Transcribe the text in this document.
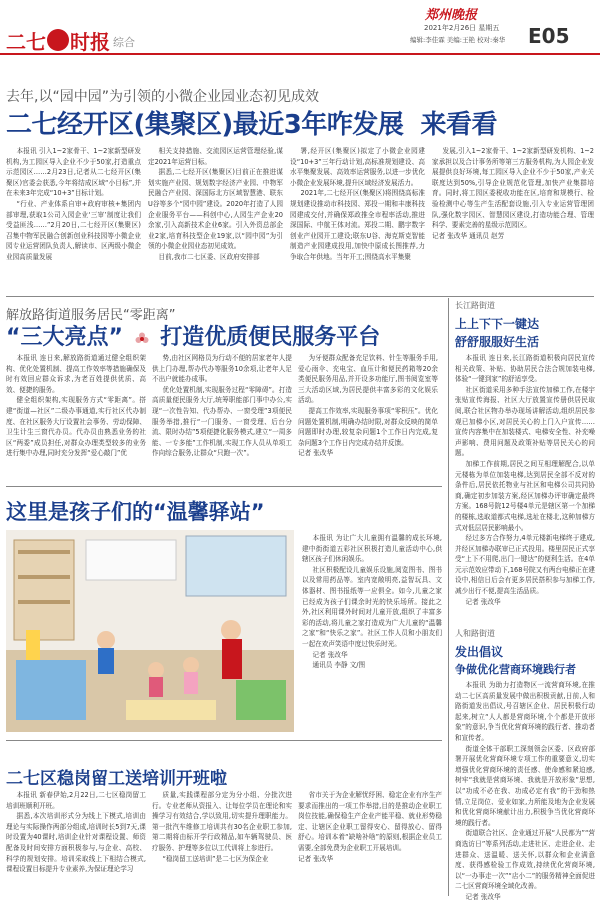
二七 时报 综合
郑州晚报
2021年2月26日 星期五
编辑:李佳霖 美编:王艳 校对:秦华 E05
去年,以“园中园”为引领的小微企业园业态初见成效
二七经开区(集聚区)最近3年咋发展  来看看

本报讯 引入1~2家骨干、1~2家新型研发机构,为工园区导入企业不少于50家,打造重点示范园区……2月23日,记者从二七经开区(集聚区)官委会获悉,今年将结成区域“小目标”,并在未来3年完成“10+3”目标计划。

“行业、产业体系自审+政府审核+集团内部审理,获取1公司入园企业‘三审’制度让我们受益匪浅……”2月20日,二七经开区(集聚区)召集中物军民融合创新创业科技园等小微企业园专业运营团队负责人,解读市、区两级小微企业园高质量发展

相关支持措施、交流园区运营管理经验,谋定2021年运营目标。

据悉,二七经开区(集聚区)目前正在推进谋划实施产业园、规划数字经济产业园、中物军民融合产业园、深国际北方区域智慧港、联东U谷等多个“园中园”建设。2020年打造了人园企业服务平台——科创中心,人园生产企业20余家,引入高新技术企业6家。引入外资总部企业2家,培育科技型企业19家,以“园中园”为引领的小微企业园业态初见成效。

目前,我市二七区委、区政府安排部

署,经开区(集聚区)拟定了小微企业园建设“10+3”三年行动计划,高标准规划建设、高水平集聚发展、高效率运营服务,以进一步优化小微企业发展环境,提升区域经济发展活力。

2021年,二七经开区(集聚区)将围绕高标准规划建设推动市科技园、郑投一期和丰康科技园建成交付,并确保郑政推全市程率活动,推进深国际、中航王体对流。郑投二期、鹏宇数字创业产业园开工建设;联东U谷、海克斯克智能制造产业园建成投用,加快中原成长图推荐,力争取合年供地。当年开工;围绕高水平集聚

发展,引入1~2家骨干、1~2家新型研发机构、1~2家承担以及合计事务所等第三方服务机构,为人园企业发展提供良好环境,每工园区导入企业不少于50家,产业关联度达到50%,引导企业规范化管理,加快产业集群培育。同时,将工园区委税收功能在区,培育和规模行、检验检测中心等生产生活配套设施,引入专业运营管理团队,强化数字园区、智慧园区建设,打造功能合理、管理科学、要素完善的星级示范园区。

记者 张改华 通讯员 赵芳

解放路街道服务居民“零距离”
“三大亮点” 打造优质便民服务平台

本报讯 连日来,解放路街道通过健全组织架构、优化处置机制、提高工作效率等措施确保及时有效回应群众诉求,为老百姓提供优质、高效、便捷的服务。

健全组织架构,实现服务方式“零距离”。搭建“街道—社区”二级办事通道,实行社区代办制度、在社区服务大厅设置社会事务、劳动保障、卫生计生三窗代办员。代办员由熟悉业务的社区“两委”成员担任,对群众办理类型较多的业务进行集中办理,同时充分发挥“爱心敲门”优

势,由社区网格员为行动不便的居家老年人提供上门办理,帮办代办等服务10余项,让老年人足不出户就能办成事。

优化处置机制,实现服务过程“零障碍”。打造高质量便民服务大厅,统筹职能部门事中办公,实现“一次性告知、代办帮办、一窗受理”3项便民服务举措,推行“一门服务、一窗受理、后台分流、限时办结”5项便捷化服务模式,建立“一周多能、一专多能”工作机制,实现工作人员从单项工作向综合服务,让群众“只跑一次”。

为牙便群众配备充足饮料、针生等服务手用,爱心雨伞、充电宝、血压计和便民药箱等20余类便民服务用品,并开设多功能厅,图书阅览室等三大活动区域,为居民提供丰富多彩的文化娱乐活动。

提高工作效率,实现服务事项“零积压”。优化问题处置机制,明确办结时限,对群众反映的简单问题即时办理,较复杂问题1个工作日内完成,复杂问题3个工作日内完成办结并反馈。

记者 张改华

长江路街道
上上下下一键达
舒舒服服好生活

本报讯 连日来,长江路街道积极向居民宣传相关政策、补贴、协助居民合法合规加装电梯,体验“一键到家”的舒适享受。

社区街道采用多种手法宣传加梯工作,在楼宇张贴宣传海报、社区大厅放置宣传册供居民取阅,联合社区物办举办现场讲解活动,组织居民参观已加梯小区,对居民关心的上门入户宣传……宣传内容集中在加装楼式、电梯安全性、补充噪声影响、费用问题及政策补贴等居民关心的问题。

加梯工作前期,居民之间互相理解配合,以单元楼栋为单位加装电梯,达到居民全部不反对的条件后,居民依托物业与社区和电梯公司共同协商,确定初步加装方案,经区加梯办评审确定最终方案。168号院12号楼4单元是辖区第一个加梯的楼栋,选取道都式电梯,选址在楼北,这种加梯方式对低层居民影响最小。

经过多方合作努力,4单元楼新电梯终于建成,并经区加梯办联审已正式投用。楼里居民正式享受“上下不用爬,出门一键达”的便利生活。在4单元示范效应带动下,168号院又有两台电梯正在建设中,相信日后会有更多居民搭积参与加梯工作,减少出行不便,提高生活品质。

记者 张改华

人和路街道
发出倡议
争做优化营商环境践行者

本报讯 为助力打造物区一流营商环境,在推动二七区高质量发展中做出积极贡献,日前,人和路街道发出倡议,号召辖区企业、居民积极行动起来,树立“人人都是营商环境,个个都是开放形象”的意识,争当优化营商环境的践行者、推动者和宣传者。

街道全体干部职工深刻领会区委、区政府部署开展优化营商环境专项工作的重要意义,切实增强优化营商环境的责任感、使命感和紧迫感,树牢“我就是营商环境、我就是开放形象”思想,以“功成不必在我、功成必定有我”的干劲和热情,立足岗位、爱业如家,力所能及地为企业发展和优化营商环境献计出力,积极争当优化营商环境的践行者。

街道联合社区、企业通过开展“人民都为”“营商选访日”等系列活动,走进社区、走进企业、走进群众、送温暖、送关怀,以群众和企业满意度、获得感检验工作成效,持续优化营商环境,以“一办事走一次”“店小二”的服务精神全面促进二七区营商环境全域化改善。

记者 张改华

这里是孩子们的“温馨驿站”

本报讯 为让广大儿童拥有温馨的成长环境,建中街街道五彩社区积极打造儿童活动中心,供辖区孩子们休闲娱乐。

社区积极配设儿童娱乐设施,阅览图书、图书以及常用药品等。室内宽敞明亮,益智玩具、文体器材、图书报纸等一应俱全。如今,儿童之家已经成为孩子们课余时光的快乐场所。接此之外,社区利用课外时间对儿童开放,组织了丰富多彩的活动,将儿童之家打造成为广大儿童的“温馨之家”和“快乐之家”。社区工作人员和小朋友们一起在欢声笑语中度过快乐时光。

记者 张改华

通讯员 李静 文/图

二七区稳岗留工送培训开班啦

本报讯 新春伊始,2月22日,二七区稳岗留工培训班顺利开班。

据悉,本次培训形式分为线上下模式,培训由理论与实际操作两部分组成,培训时长5到7天,课时设置为40课时,培训企业针对课程设置、师资配备及时间安排方面积极参与,与企业、高校、科学的规划安排。培训采取线上下相结合模式,课程设置目标提升专业素养,为保证理论学习

质量,实践课程部分定为分小组、分批次进行。专业老师从资报入、让每位学员在理论和实操学习有效结合,学以致用,切实提升理职能力。第一批汽车维修工培训共有30名企业职工参加,第二期将由标开学行政精品,如车辆驾驶员、医疗服务、护理等多位以工代训将上参进行。

“稳岗留工送培训”是二七区为保企业

省市关于为企业解忧纾困、稳定企业有序生产要求而推出的一项工作举措,目的是推动企业职工岗位技能,确保稳生产企业产能平稳、就业形势稳定、让辖区企业职工留得安心、留得放心、留得舒心。培训本着“缺啥补啥”的原则,根据企业员工需要,全部免费为企业职工开展培训。

记者 张改华
